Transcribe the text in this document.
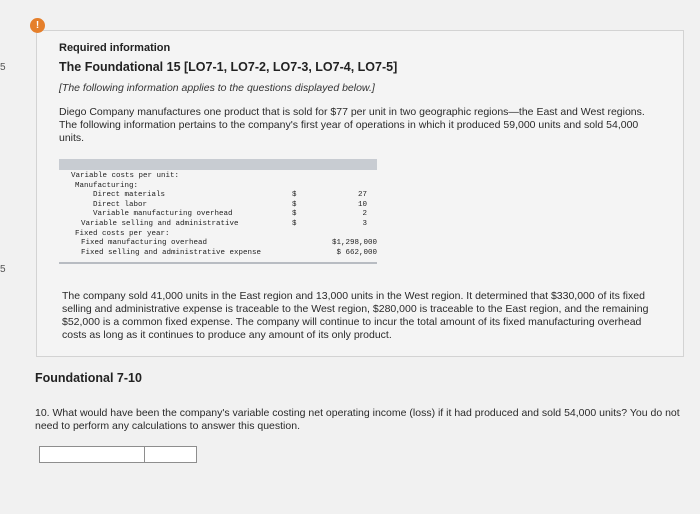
5
5
Required information
The Foundational 15 [LO7-1, LO7-2, LO7-3, LO7-4, LO7-5]
[The following information applies to the questions displayed below.]
Diego Company manufactures one product that is sold for $77 per unit in two geographic regions—the East and West regions. The following information pertains to the company's first year of operations in which it produced 59,000 units and sold 54,000 units.
Variable costs per unit:
Manufacturing:
Direct materials	$	27
Direct labor	$	10
Variable manufacturing overhead	$	2
Variable selling and administrative	$	3
Fixed costs per year:
Fixed manufacturing overhead	$1,298,000
Fixed selling and administrative expense	$ 662,000
The company sold 41,000 units in the East region and 13,000 units in the West region. It determined that $330,000 of its fixed selling and administrative expense is traceable to the West region, $280,000 is traceable to the East region, and the remaining $52,000 is a common fixed expense. The company will continue to incur the total amount of its fixed manufacturing overhead costs as long as it continues to produce any amount of its only product.
!
Foundational 7-10
10. What would have been the company's variable costing net operating income (loss) if it had produced and sold 54,000 units? You do not need to perform any calculations to answer this question.
